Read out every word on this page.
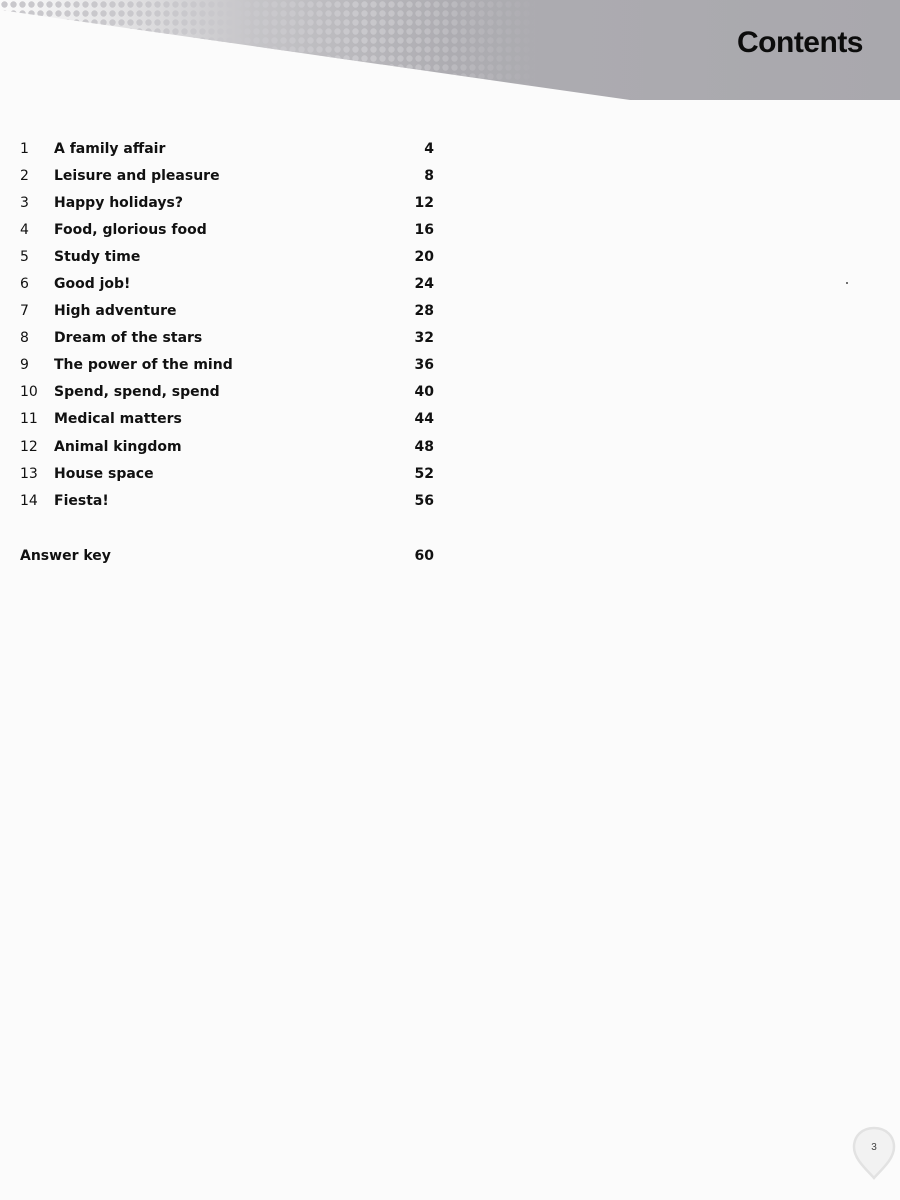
Contents
1	A family affair	4
2	Leisure and pleasure	8
3	Happy holidays?	12
4	Food, glorious food	16
5	Study time	20
6	Good job!	24
7	High adventure	28
8	Dream of the stars	32
9	The power of the mind	36
10	Spend, spend, spend	40
11	Medical matters	44
12	Animal kingdom	48
13	House space	52
14	Fiesta!	56
Answer key	60
3
